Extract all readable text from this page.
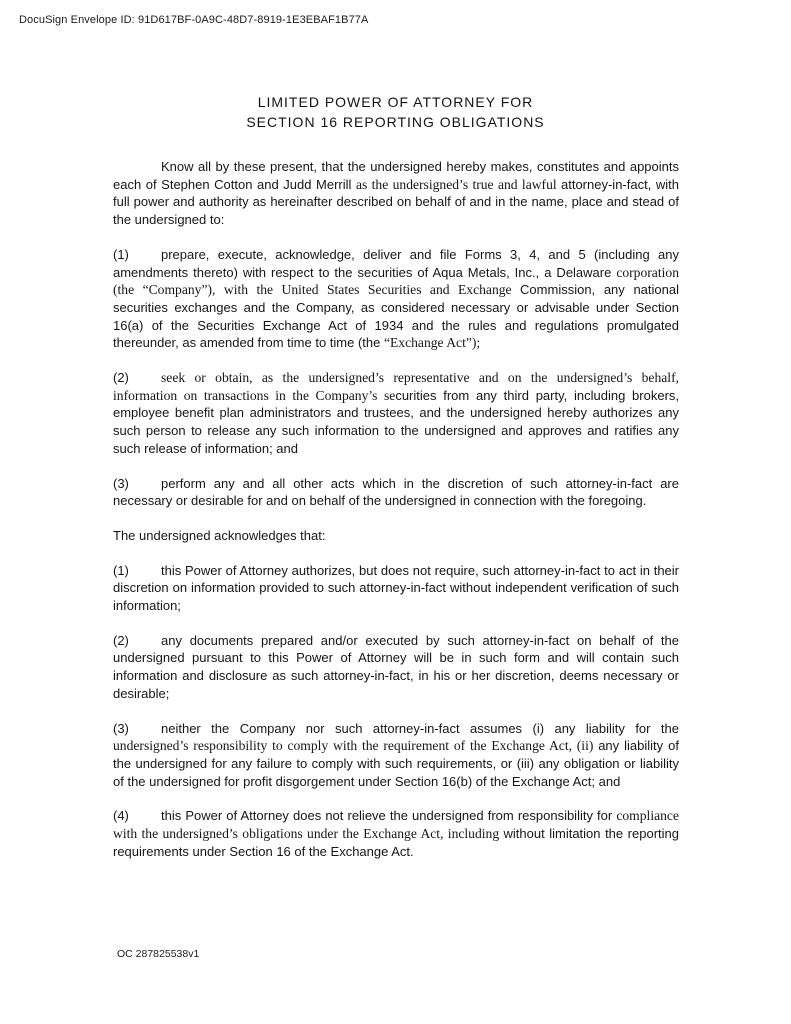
DocuSign Envelope ID: 91D617BF-0A9C-48D7-8919-1E3EBAF1B77A
LIMITED POWER OF ATTORNEY FOR
SECTION 16 REPORTING OBLIGATIONS

Know all by these present, that the undersigned hereby makes, constitutes and appoints each of Stephen Cotton and Judd Merrill as the undersigned’s true and lawful attorney-in-fact, with full power and authority as hereinafter described on behalf of and in the name, place and stead of the undersigned to:

(1) prepare, execute, acknowledge, deliver and file Forms 3, 4, and 5 (including any amendments thereto) with respect to the securities of Aqua Metals, Inc., a Delaware corporation (the “Company”), with the United States Securities and Exchange Commission, any national securities exchanges and the Company, as considered necessary or advisable under Section 16(a) of the Securities Exchange Act of 1934 and the rules and regulations promulgated thereunder, as amended from time to time (the “Exchange Act”);

(2) seek or obtain, as the undersigned’s representative and on the undersigned’s behalf, information on transactions in the Company’s securities from any third party, including brokers, employee benefit plan administrators and trustees, and the undersigned hereby authorizes any such person to release any such information to the undersigned and approves and ratifies any such release of information; and

(3) perform any and all other acts which in the discretion of such attorney-in-fact are necessary or desirable for and on behalf of the undersigned in connection with the foregoing.

The undersigned acknowledges that:

(1) this Power of Attorney authorizes, but does not require, such attorney-in-fact to act in their discretion on information provided to such attorney-in-fact without independent verification of such information;

(2) any documents prepared and/or executed by such attorney-in-fact on behalf of the undersigned pursuant to this Power of Attorney will be in such form and will contain such information and disclosure as such attorney-in-fact, in his or her discretion, deems necessary or desirable;

(3) neither the Company nor such attorney-in-fact assumes (i) any liability for the undersigned’s responsibility to comply with the requirement of the Exchange Act, (ii) any liability of the undersigned for any failure to comply with such requirements, or (iii) any obligation or liability of the undersigned for profit disgorgement under Section 16(b) of the Exchange Act; and

(4) this Power of Attorney does not relieve the undersigned from responsibility for compliance with the undersigned’s obligations under the Exchange Act, including without limitation the reporting requirements under Section 16 of the Exchange Act.

OC 287825538v1
